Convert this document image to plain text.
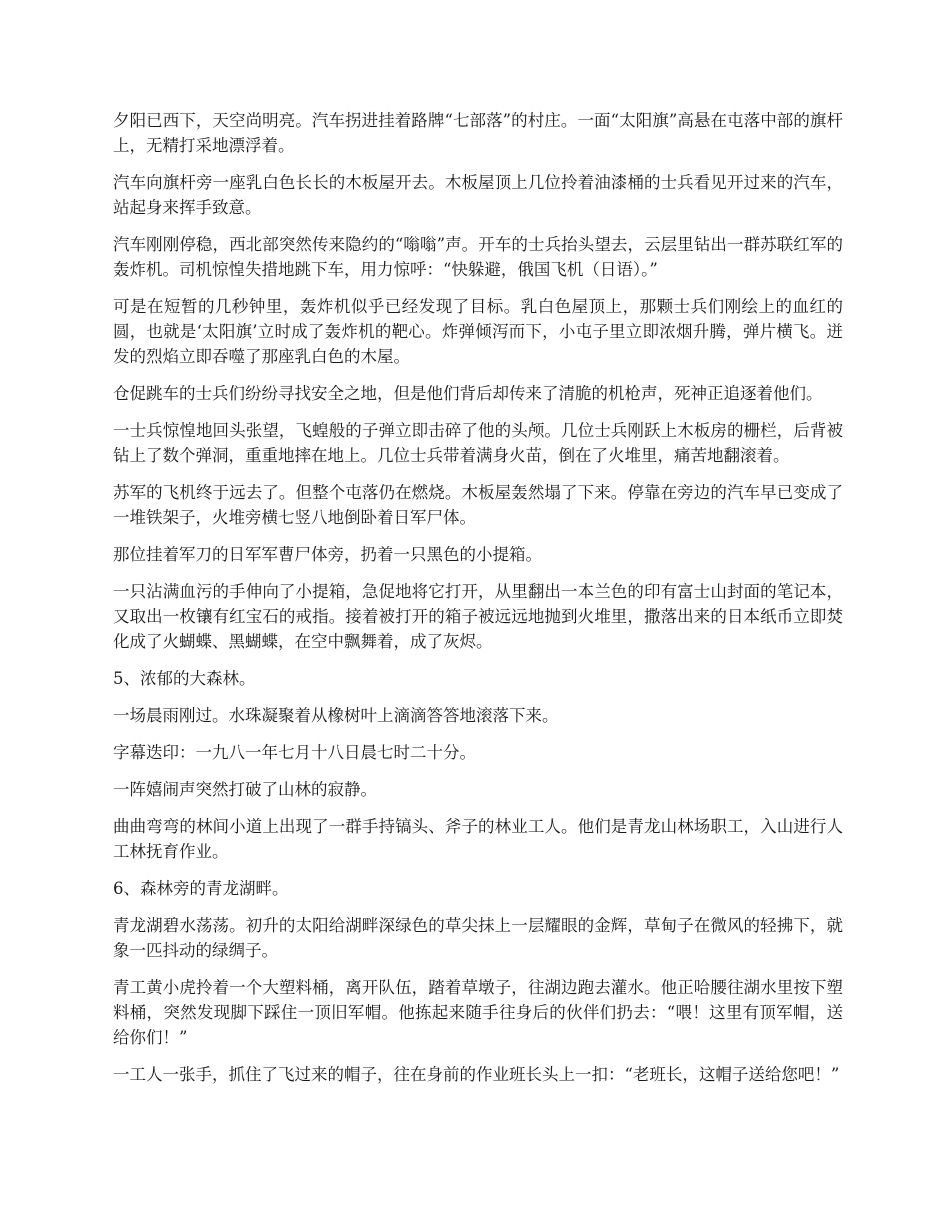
夕阳已西下，天空尚明亮。汽车拐进挂着路牌“七部落”的村庄。一面“太阳旗”高悬在屯落中部的旗杆上，无精打采地漂浮着。

汽车向旗杆旁一座乳白色长长的木板屋开去。木板屋顶上几位拎着油漆桶的士兵看见开过来的汽车，站起身来挥手致意。

汽车刚刚停稳，西北部突然传来隐约的“嗡嗡”声。开车的士兵抬头望去，云层里钻出一群苏联红军的轰炸机。司机惊惶失措地跳下车，用力惊呼：“快躲避，俄国飞机（日语）。”

可是在短暂的几秒钟里，轰炸机似乎已经发现了目标。乳白色屋顶上，那颗士兵们刚绘上的血红的圆，也就是‘太阳旗’立时成了轰炸机的靶心。炸弹倾泻而下，小屯子里立即浓烟升腾，弹片横飞。迸发的烈焰立即吞噬了那座乳白色的木屋。

仓促跳车的士兵们纷纷寻找安全之地，但是他们背后却传来了清脆的机枪声，死神正追逐着他们。

一士兵惊惶地回头张望，飞蝗般的子弹立即击碎了他的头颅。几位士兵刚跃上木板房的栅栏，后背被钻上了数个弹洞，重重地摔在地上。几位士兵带着满身火苗，倒在了火堆里，痛苦地翻滚着。

苏军的飞机终于远去了。但整个屯落仍在燃烧。木板屋轰然塌了下来。停靠在旁边的汽车早已变成了一堆铁架子，火堆旁横七竖八地倒卧着日军尸体。

那位挂着军刀的日军军曹尸体旁，扔着一只黑色的小提箱。

一只沾满血污的手伸向了小提箱，急促地将它打开，从里翻出一本兰色的印有富士山封面的笔记本，又取出一枚镶有红宝石的戒指。接着被打开的箱子被远远地抛到火堆里，撒落出来的日本纸币立即焚化成了火蝴蝶、黑蝴蝶，在空中飘舞着，成了灰烬。

5、浓郁的大森林。

一场晨雨刚过。水珠凝聚着从橡树叶上滴滴答答地滚落下来。

字幕迭印：一九八一年七月十八日晨七时二十分。

一阵嬉闹声突然打破了山林的寂静。

曲曲弯弯的林间小道上出现了一群手持镐头、斧子的林业工人。他们是青龙山林场职工，入山进行人工林抚育作业。

6、森林旁的青龙湖畔。

青龙湖碧水荡荡。初升的太阳给湖畔深绿色的草尖抹上一层耀眼的金辉，草甸子在微风的轻拂下，就象一匹抖动的绿绸子。

青工黄小虎拎着一个大塑料桶，离开队伍，踏着草墩子，往湖边跑去灌水。他正哈腰往湖水里按下塑料桶，突然发现脚下踩住一顶旧军帽。他拣起来随手往身后的伙伴们扔去：“喂！这里有顶军帽，送给你们！”

一工人一张手，抓住了飞过来的帽子，往在身前的作业班长头上一扣：“老班长，这帽子送给您吧！”
